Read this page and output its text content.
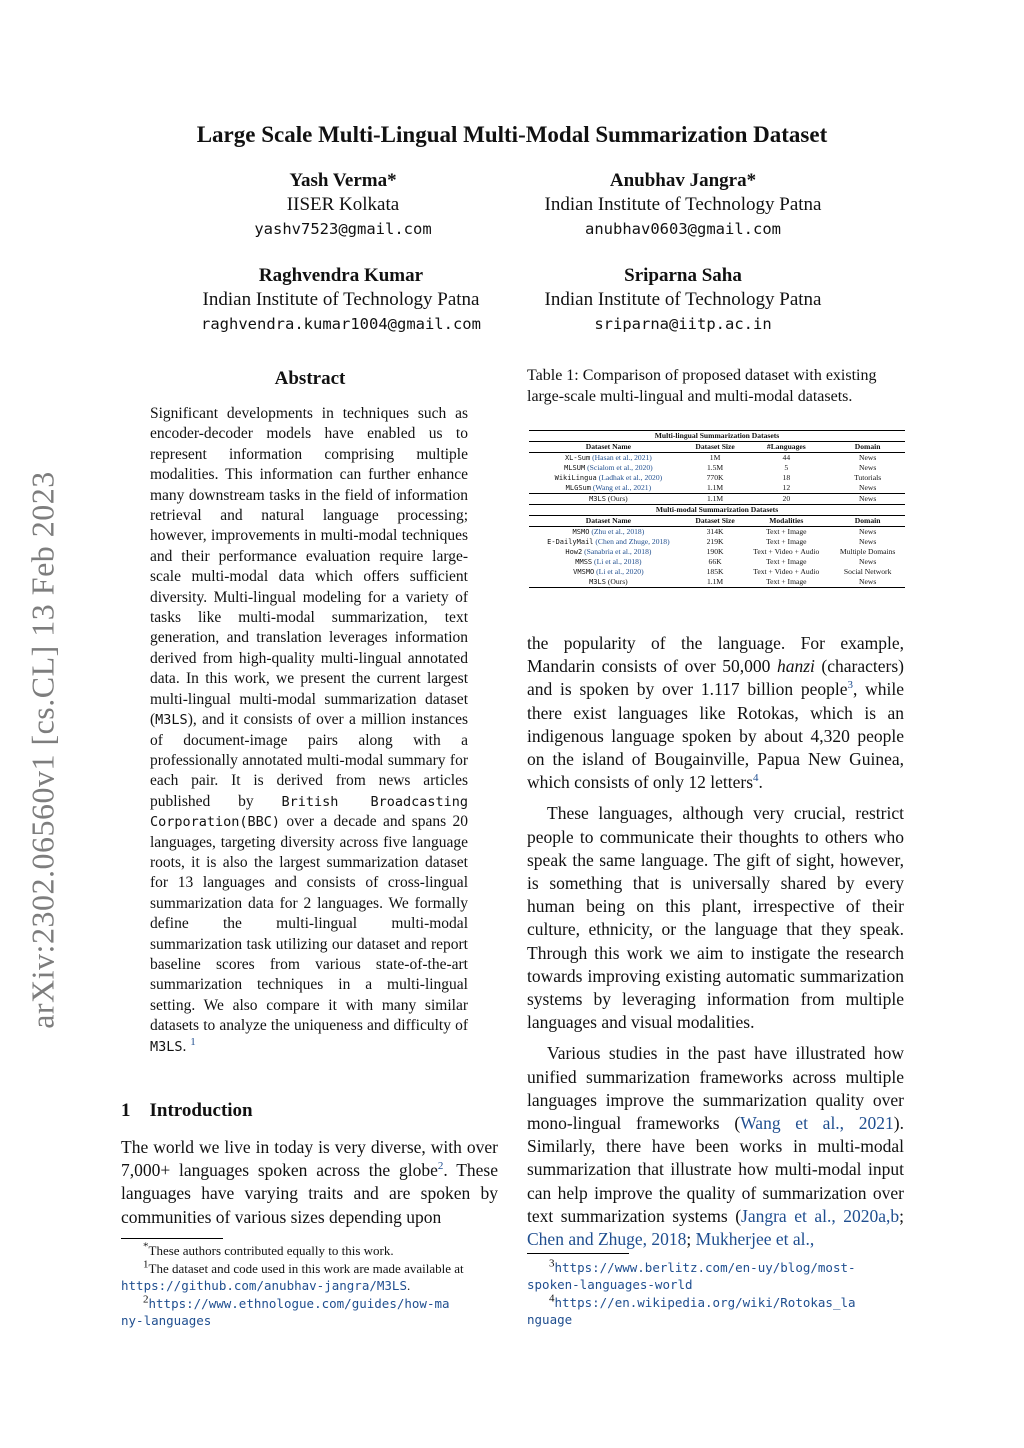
arXiv:2302.06560v1 [cs.CL] 13 Feb 2023
Large Scale Multi-Lingual Multi-Modal Summarization Dataset
Yash Verma*
IISER Kolkata
yashv7523@gmail.com
Anubhav Jangra*
Indian Institute of Technology Patna
anubhav0603@gmail.com
Raghvendra Kumar
Indian Institute of Technology Patna
raghvendra.kumar1004@gmail.com
Sriparna Saha
Indian Institute of Technology Patna
sriparna@iitp.ac.in
Abstract
Significant developments in techniques such as encoder-decoder models have enabled us to represent information comprising multiple modalities. This information can further enhance many downstream tasks in the field of information retrieval and natural language processing; however, improvements in multi-modal techniques and their performance evaluation require large-scale multi-modal data which offers sufficient diversity. Multi-lingual modeling for a variety of tasks like multi-modal summarization, text generation, and translation leverages information derived from high-quality multi-lingual annotated data. In this work, we present the current largest multi-lingual multi-modal summarization dataset (M3LS), and it consists of over a million instances of document-image pairs along with a professionally annotated multi-modal summary for each pair. It is derived from news articles published by British Broadcasting Corporation(BBC) over a decade and spans 20 languages, targeting diversity across five language roots, it is also the largest summarization dataset for 13 languages and consists of cross-lingual summarization data for 2 languages. We formally define the multi-lingual multi-modal summarization task utilizing our dataset and report baseline scores from various state-of-the-art summarization techniques in a multi-lingual setting. We also compare it with many similar datasets to analyze the uniqueness and difficulty of M3LS. $^1$
1 Introduction

The world we live in today is very diverse, with over 7,000+ languages spoken across the globe$^2$. These languages have varying traits and are spoken by communities of various sizes depending upon

*These authors contributed equally to this work.
$^1$The dataset and code used in this work are made available at https://github.com/anubhav-jangra/M3LS.
$^2$https://www.ethnologue.com/guides/how-many-languages
Table 1: Comparison of proposed dataset with existing large-scale multi-lingual and multi-modal datasets.
Multi-lingual Summarization Datasets			
Dataset Name	Dataset Size	#Languages	Domain
XL-Sum (Hasan et al., 2021)	1M	44	News
MLSUM (Scialom et al., 2020)	1.5M	5	News
WikiLingua (Ladhak et al., 2020)	770K	18	Tutorials
MLGSum (Wang et al., 2021)	1.1M	12	News
M3LS (Ours)	1.1M	20	News
Multi-modal Summarization Datasets			
Dataset Name	Dataset Size	Modalities	Domain
MSMO (Zhu et al., 2018)	314K	Text + Image	News
E-DailyMail (Chen and Zhuge, 2018)	219K	Text + Image	News
How2 (Sanabria et al., 2018)	190K	Text + Video + Audio	Multiple Domains
MMSS (Li et al., 2018)	66K	Text + Image	News
VMSMO (Li et al., 2020)	185K	Text + Video + Audio	Social Network
M3LS (Ours)	1.1M	Text + Image	News

the popularity of the language. For example, Mandarin consists of over 50,000 hanzi (characters) and is spoken by over 1.117 billion people$^3$, while there exist languages like Rotokas, which is an indigenous language spoken by about 4,320 people on the island of Bougainville, Papua New Guinea, which consists of only 12 letters$^4$.

These languages, although very crucial, restrict people to communicate their thoughts to others who speak the same language. The gift of sight, however, is something that is universally shared by every human being on this plant, irrespective of their culture, ethnicity, or the language that they speak. Through this work we aim to instigate the research towards improving existing automatic summarization systems by leveraging information from multiple languages and visual modalities.

Various studies in the past have illustrated how unified summarization frameworks across multiple languages improve the summarization quality over mono-lingual frameworks (Wang et al., 2021). Similarly, there have been works in multi-modal summarization that illustrate how multi-modal input can help improve the quality of summarization over text summarization systems (Jangra et al., 2020a,b; Chen and Zhuge, 2018; Mukherjee et al.,

$^3$https://www.berlitz.com/en-uy/blog/most-spoken-languages-world
$^4$https://en.wikipedia.org/wiki/Rotokas_language
